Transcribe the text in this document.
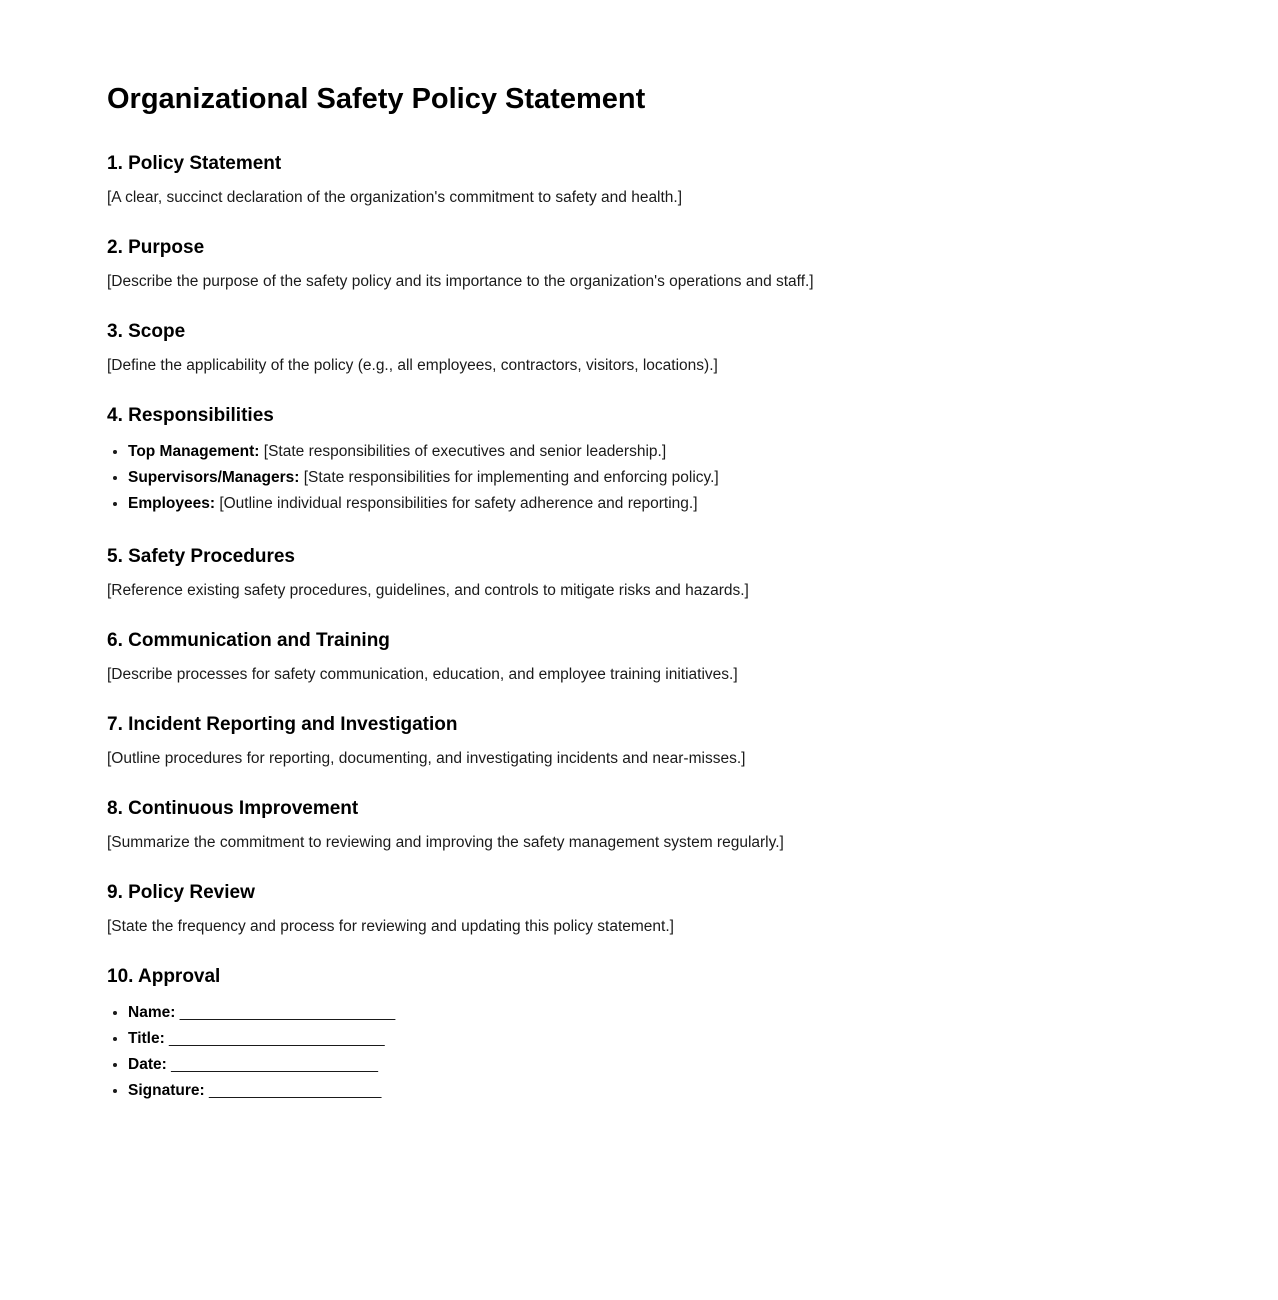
Organizational Safety Policy Statement
1. Policy Statement

[A clear, succinct declaration of the organization's commitment to safety and health.]

2. Purpose

[Describe the purpose of the safety policy and its importance to the organization's operations and staff.]

3. Scope

[Define the applicability of the policy (e.g., all employees, contractors, visitors, locations).]

4. Responsibilities
• Top Management: [State responsibilities of executives and senior leadership.]
• Supervisors/Managers: [State responsibilities for implementing and enforcing policy.]
• Employees: [Outline individual responsibilities for safety adherence and reporting.]
5. Safety Procedures

[Reference existing safety procedures, guidelines, and controls to mitigate risks and hazards.]

6. Communication and Training

[Describe processes for safety communication, education, and employee training initiatives.]

7. Incident Reporting and Investigation

[Outline procedures for reporting, documenting, and investigating incidents and near-misses.]

8. Continuous Improvement

[Summarize the commitment to reviewing and improving the safety management system regularly.]

9. Policy Review

[State the frequency and process for reviewing and updating this policy statement.]

10. Approval
• Name: _________________________
• Title: _________________________
• Date: ________________________
• Signature: ____________________
